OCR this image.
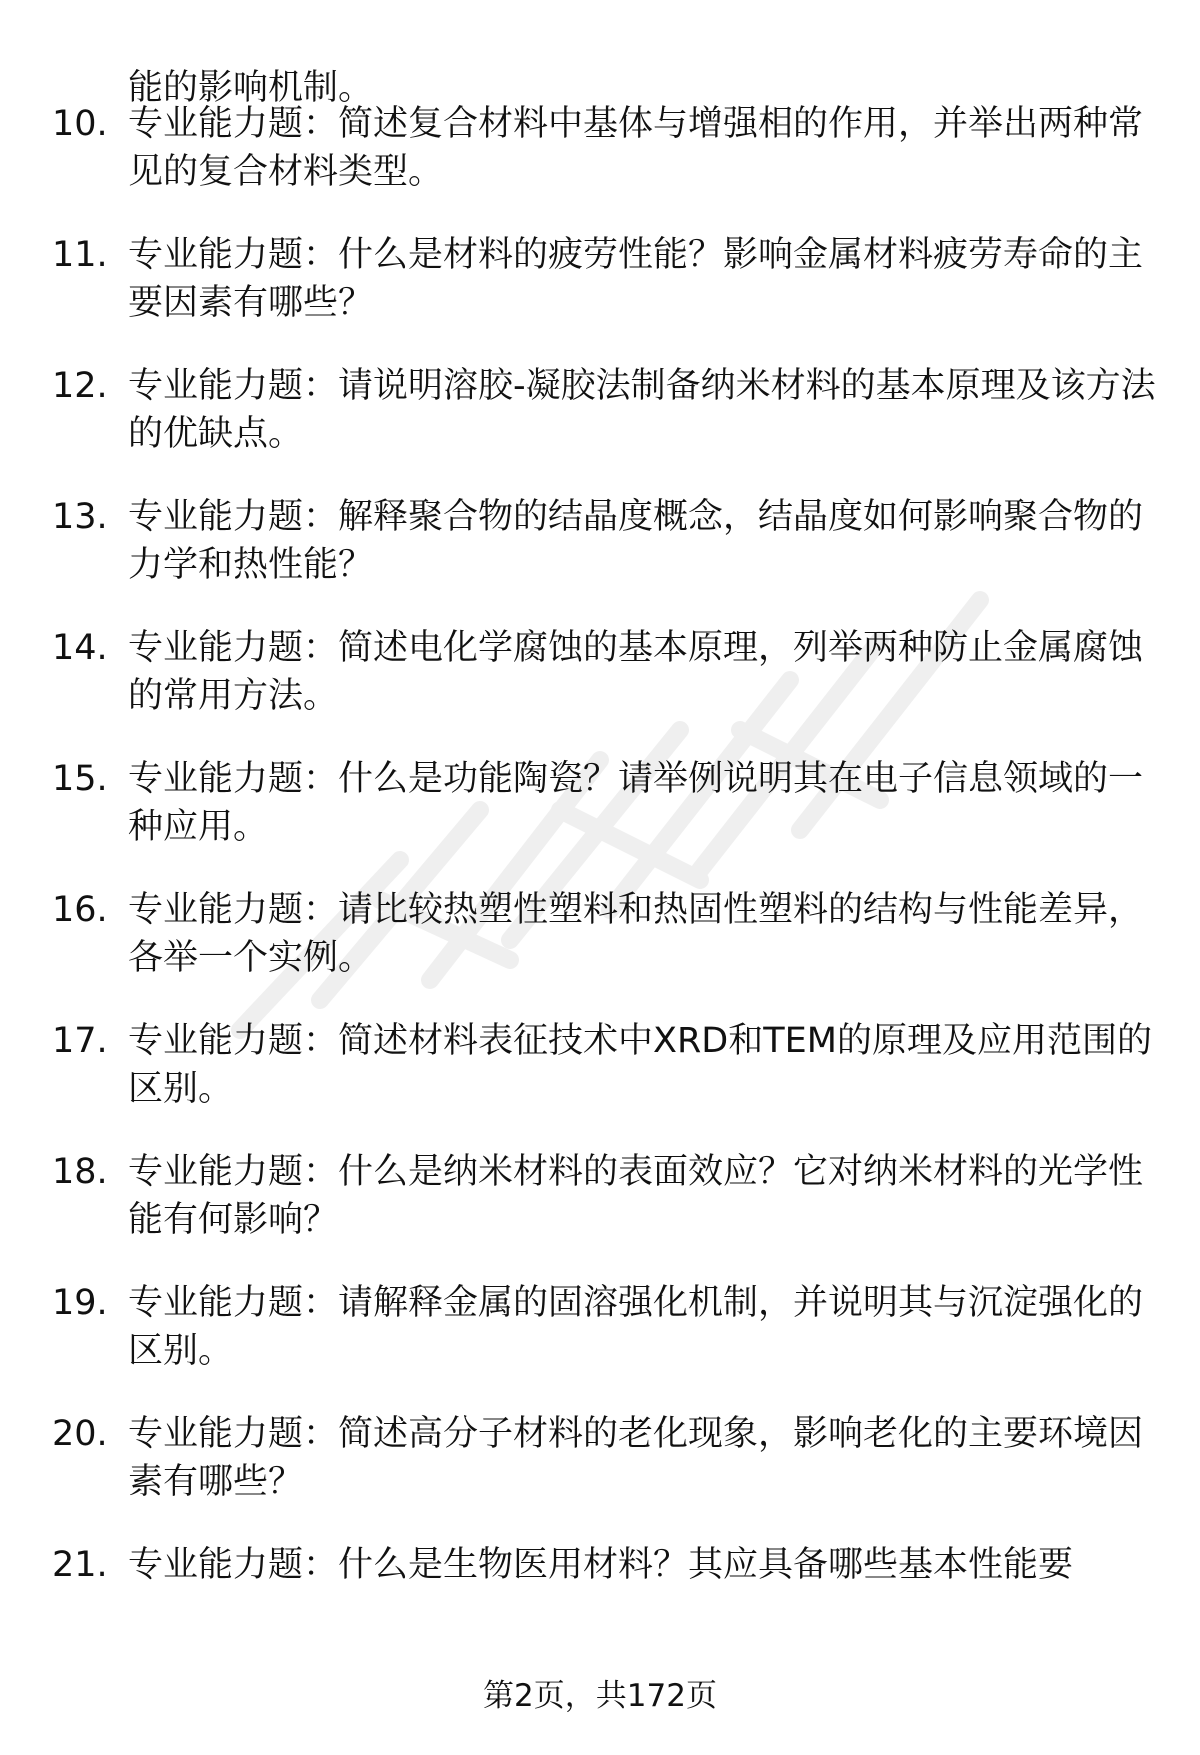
能的影响机制。

10. 专业能力题：简述复合材料中基体与增强相的作用，并举出两种常见的复合材料类型。

11. 专业能力题：什么是材料的疲劳性能？影响金属材料疲劳寿命的主要因素有哪些？

12. 专业能力题：请说明溶胶-凝胶法制备纳米材料的基本原理及该方法的优缺点。

13. 专业能力题：解释聚合物的结晶度概念，结晶度如何影响聚合物的力学和热性能？

14. 专业能力题：简述电化学腐蚀的基本原理，列举两种防止金属腐蚀的常用方法。

15. 专业能力题：什么是功能陶瓷？请举例说明其在电子信息领域的一种应用。

16. 专业能力题：请比较热塑性塑料和热固性塑料的结构与性能差异，各举一个实例。

17. 专业能力题：简述材料表征技术中XRD和TEM的原理及应用范围的区别。

18. 专业能力题：什么是纳米材料的表面效应？它对纳米材料的光学性能有何影响？

19. 专业能力题：请解释金属的固溶强化机制，并说明其与沉淀强化的区别。

20. 专业能力题：简述高分子材料的老化现象，影响老化的主要环境因素有哪些？

21. 专业能力题：什么是生物医用材料？其应具备哪些基本性能要

第2页，共172页
